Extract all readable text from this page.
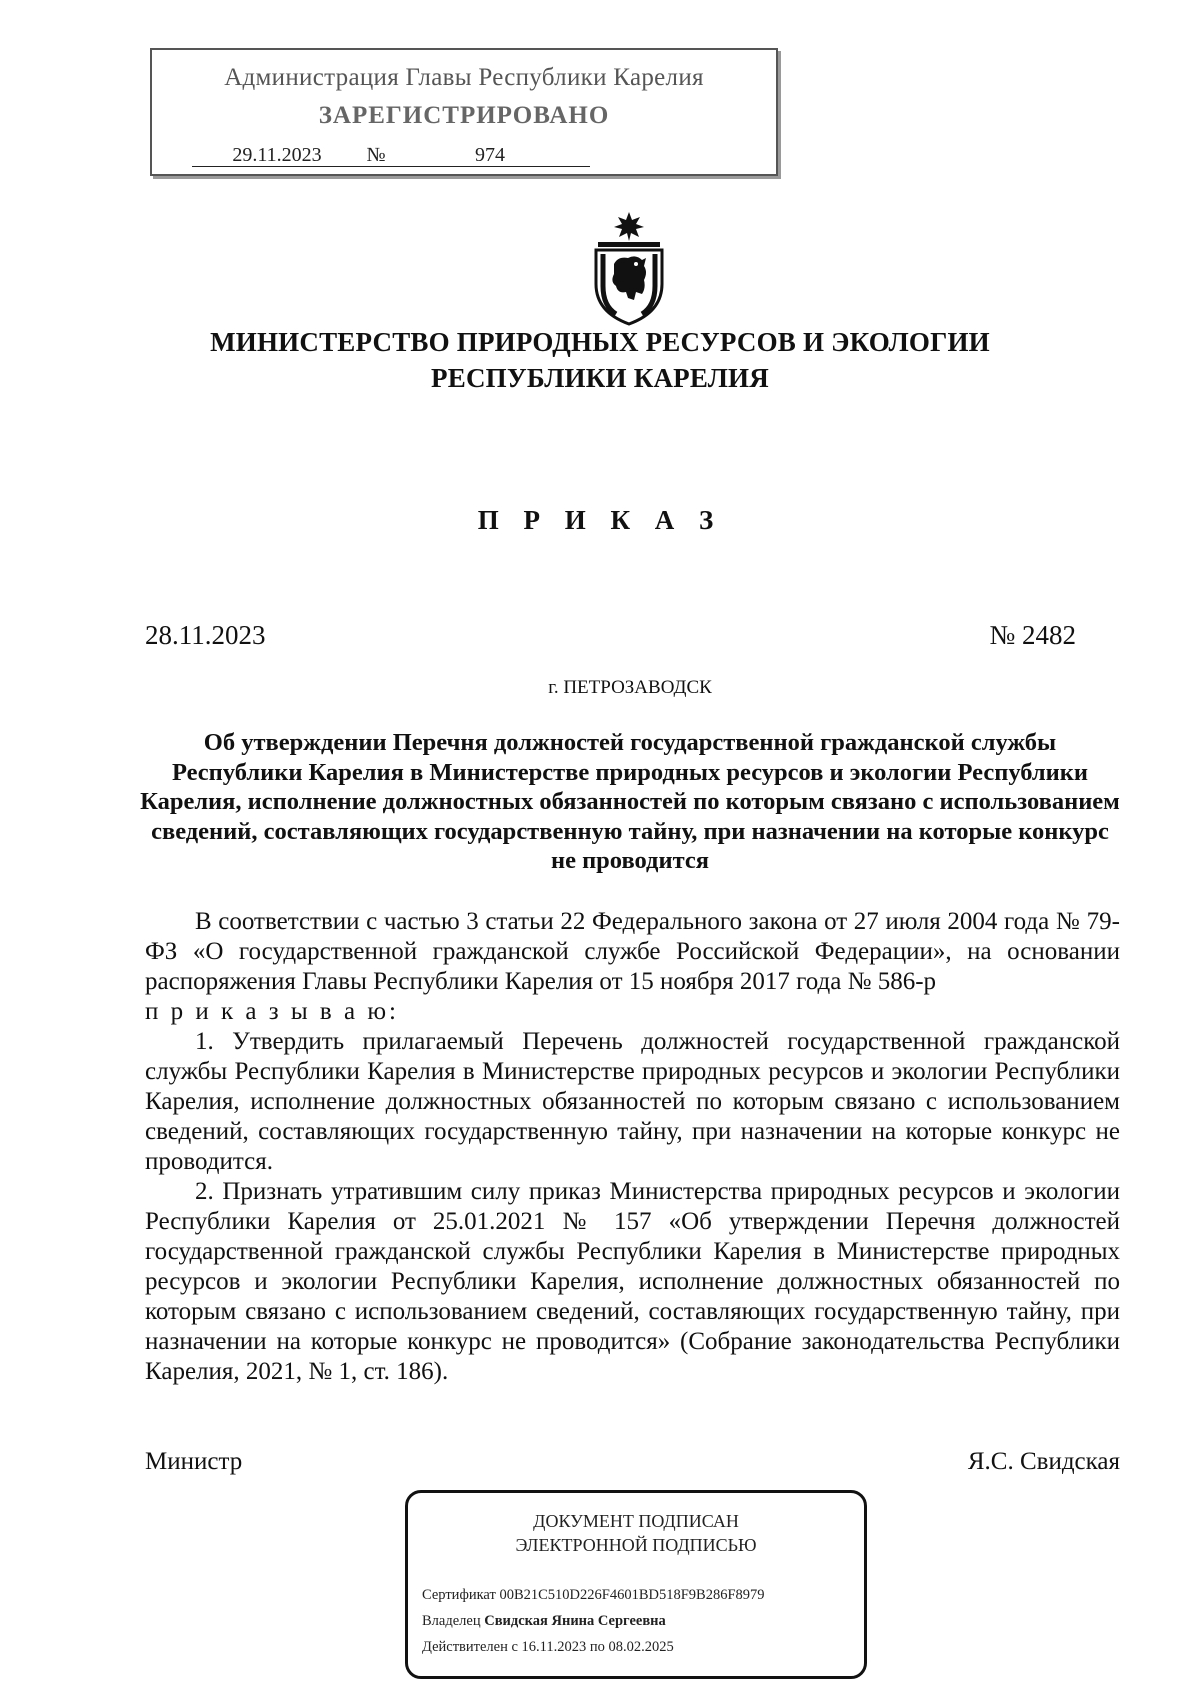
Администрация Главы Республики Карелия
ЗАРЕГИСТРИРОВАНО
29.11.2023 №	974
МИНИСТЕРСТВО ПРИРОДНЫХ РЕСУРСОВ И ЭКОЛОГИИ
РЕСПУБЛИКИ КАРЕЛИЯ
П Р И К А З
28.11.2023	№ 2482
г. ПЕТРОЗАВОДСК
Об утверждении Перечня должностей государственной гражданской службы Республики Карелия в Министерстве природных ресурсов и экологии Республики Карелия, исполнение должностных обязанностей по которым связано с использованием сведений, составляющих государственную тайну, при назначении на которые конкурс не проводится

В соответствии с частью 3 статьи 22 Федерального закона от 27 июля 2004 года № 79-ФЗ «О государственной гражданской службе Российской Федерации», на основании распоряжения Главы Республики Карелия от 15 ноября 2017 года № 586-р

п р и к а з ы в а ю:

1. Утвердить прилагаемый Перечень должностей государственной гражданской службы Республики Карелия в Министерстве природных ресурсов и экологии Республики Карелия, исполнение должностных обязанностей по которым связано с использованием сведений, составляющих государственную тайну, при назначении на которые конкурс не проводится.

2. Признать утратившим силу приказ Министерства природных ресурсов и экологии Республики Карелия от 25.01.2021 № 157 «Об утверждении Перечня должностей государственной гражданской службы Республики Карелия в Министерстве природных ресурсов и экологии Республики Карелия, исполнение должностных обязанностей по которым связано с использованием сведений, составляющих государственную тайну, при назначении на которые конкурс не проводится» (Собрание законодательства Республики Карелия, 2021, № 1, ст. 186).

Министр	Я.С. Свидская
ДОКУМЕНТ ПОДПИСАН
ЭЛЕКТРОННОЙ ПОДПИСЬЮ
Сертификат 00B21C510D226F4601BD518F9B286F8979
Владелец Свидская Янина Сергеевна
Действителен с 16.11.2023 по 08.02.2025
